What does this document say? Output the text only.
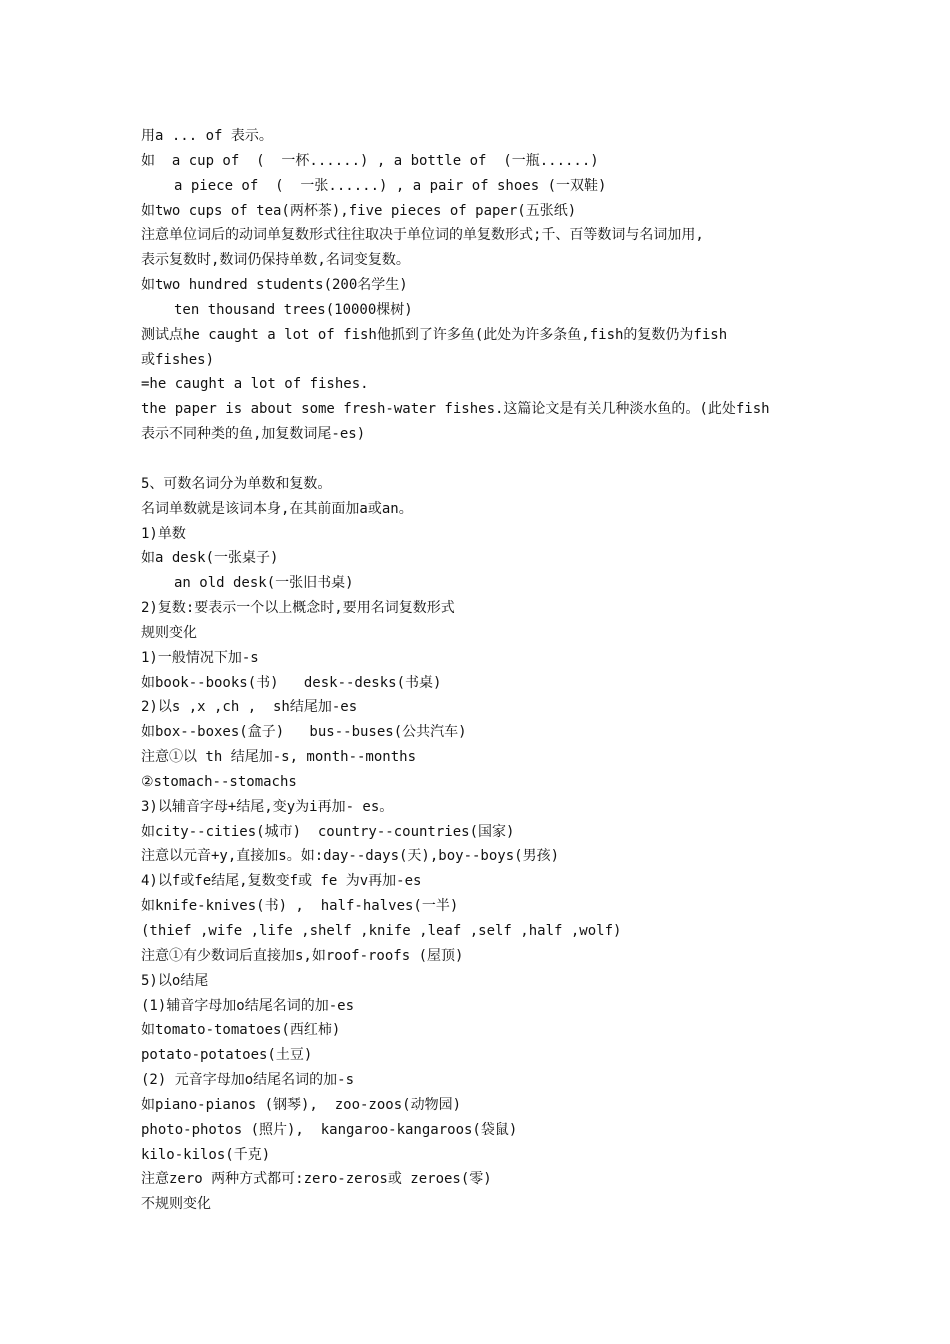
用a ... of 表示。
如  a cup of  (  一杯......) , a bottle of  (一瓶......)
a piece of  (  一张......) , a pair of shoes (一双鞋)
如two cups of tea(两杯茶),five pieces of paper(五张纸)
注意单位词后的动词单复数形式往往取决于单位词的单复数形式;千、百等数词与名词加用,
表示复数时,数词仍保持单数,名词变复数。
如two hundred students(200名学生)
ten thousand trees(10000棵树)
测试点he caught a lot of fish他抓到了许多鱼(此处为许多条鱼,fish的复数仍为fish
或fishes)
=he caught a lot of fishes.
the paper is about some fresh-water fishes.这篇论文是有关几种淡水鱼的。(此处fish
表示不同种类的鱼,加复数词尾-es)
5、可数名词分为单数和复数。
名词单数就是该词本身,在其前面加a或an。
1)单数
如a desk(一张桌子)
an old desk(一张旧书桌)
2)复数:要表示一个以上概念时,要用名词复数形式
规则变化
1)一般情况下加-s
如book--books(书)   desk--desks(书桌)
2)以s ,x ,ch ,  sh结尾加-es
如box--boxes(盒子)   bus--buses(公共汽车)
注意①以 th 结尾加-s, month--months
②stomach--stomachs
3)以辅音字母+结尾,变y为i再加- es。
如city--cities(城市)  country--countries(国家)
注意以元音+y,直接加s。如:day--days(天),boy--boys(男孩)
4)以f或fe结尾,复数变f或 fe 为v再加-es
如knife-knives(书) ,  half-halves(一半)
(thief ,wife ,life ,shelf ,knife ,leaf ,self ,half ,wolf)
注意①有少数词后直接加s,如roof-roofs (屋顶)
5)以o结尾
(1)辅音字母加o结尾名词的加-es
如tomato-tomatoes(西红柿)
potato-potatoes(土豆)
(2) 元音字母加o结尾名词的加-s
如piano-pianos (钢琴),  zoo-zoos(动物园)
photo-photos (照片),  kangaroo-kangaroos(袋鼠)
kilo-kilos(千克)
注意zero 两种方式都可:zero-zeros或 zeroes(零)
不规则变化
